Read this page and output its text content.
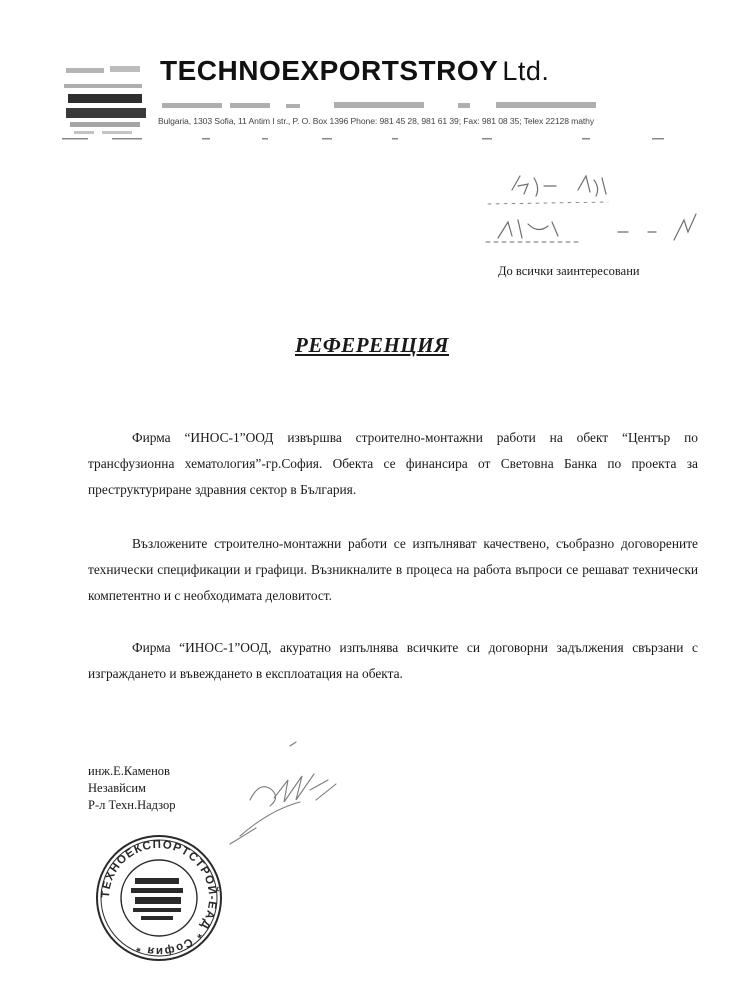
TECHNOEXPORTSTROY Ltd.
Bulgaria, 1303 Sofia, 11 Antim I str., P. O. Box 1396 Phone: 981 45 28, 981 61 39; Fax: 981 08 35; Telex 22128 mathy
До всички заинтересовани
РЕФЕРЕНЦИЯ

Фирма “ИНОС-1”ООД извършва строително-монтажни работи на обект “Център по трансфузионна хематология”-гр.София. Обекта се финансира от Световна Банка по проекта за преструктуриране здравния сектор в България.

Възложените строително-монтажни работи се изпълняват качествено, съобразно договорените технически спецификации и графици. Възникналите в процеса на работа въпроси се решават технически компетентно и с необходимата деловитост.

Фирма “ИНОС-1”ООД, акуратно изпълнява всичките си договорни задължения свързани с изграждането и въвеждането в експлоатация на обекта.

инж.Е.Каменов
Незавйсим
Р-л Техн.Надзор
ТЕХНОЕКСПОРТСТРОЙ-ЕАД * София *
